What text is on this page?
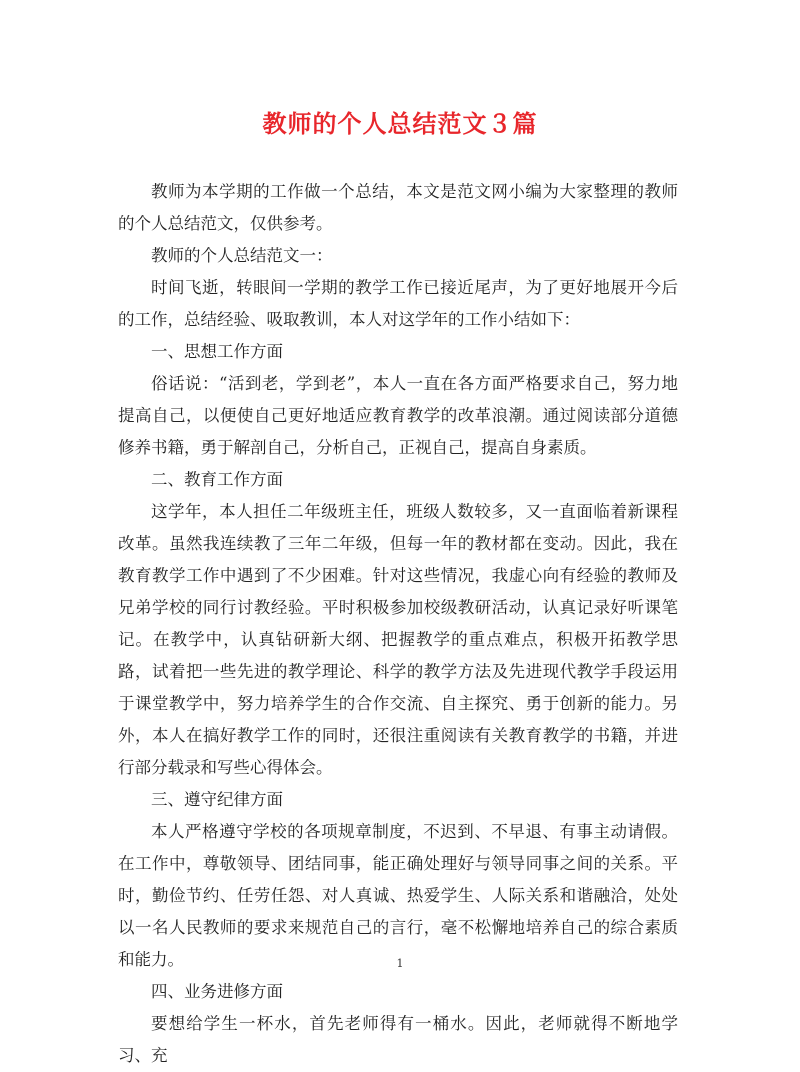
教师的个人总结范文３篇

教师为本学期的工作做一个总结，本文是范文网小编为大家整理的教师的个人总结范文，仅供参考。

教师的个人总结范文一：

时间飞逝，转眼间一学期的教学工作已接近尾声，为了更好地展开今后的工作，总结经验、吸取教训，本人对这学年的工作小结如下：

一、思想工作方面

俗话说：“活到老，学到老”，本人一直在各方面严格要求自己，努力地提高自己，以便使自己更好地适应教育教学的改革浪潮。通过阅读部分道德修养书籍，勇于解剖自己，分析自己，正视自己，提高自身素质。

二、教育工作方面

这学年，本人担任二年级班主任，班级人数较多，又一直面临着新课程改革。虽然我连续教了三年二年级，但每一年的教材都在变动。因此，我在教育教学工作中遇到了不少困难。针对这些情况，我虚心向有经验的教师及兄弟学校的同行讨教经验。平时积极参加校级教研活动，认真记录好听课笔记。在教学中，认真钻研新大纲、把握教学的重点难点，积极开拓教学思路，试着把一些先进的教学理论、科学的教学方法及先进现代教学手段运用于课堂教学中，努力培养学生的合作交流、自主探究、勇于创新的能力。另外，本人在搞好教学工作的同时，还很注重阅读有关教育教学的书籍，并进行部分载录和写些心得体会。

三、遵守纪律方面

本人严格遵守学校的各项规章制度，不迟到、不早退、有事主动请假。在工作中，尊敬领导、团结同事，能正确处理好与领导同事之间的关系。平时，勤俭节约、任劳任怨、对人真诚、热爱学生、人际关系和谐融洽，处处以一名人民教师的要求来规范自己的言行，毫不松懈地培养自己的综合素质和能力。

四、业务进修方面

要想给学生一杯水，首先老师得有一桶水。因此，老师就得不断地学习、充

1
